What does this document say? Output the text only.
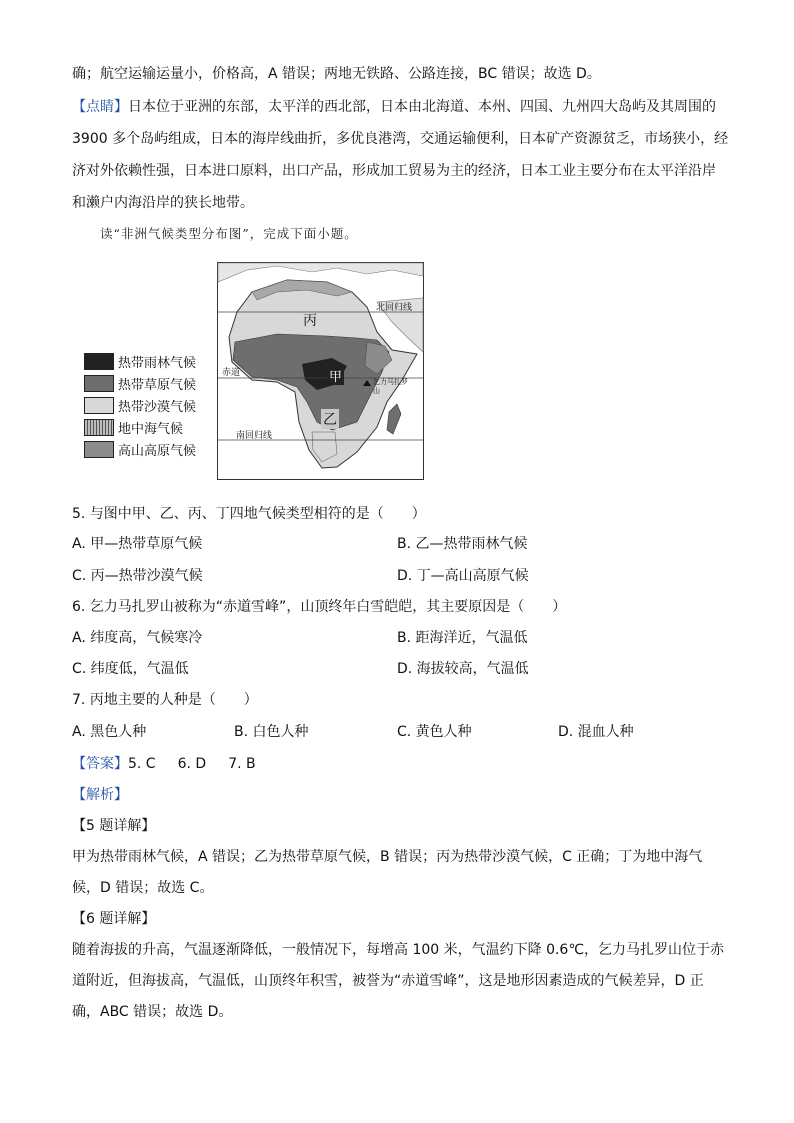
确；航空运输运量小，价格高，A 错误；两地无铁路、公路连接，BC 错误；故选 D。
【点睛】日本位于亚洲的东部，太平洋的西北部，日本由北海道、本州、四国、九州四大岛屿及其周围的
3900 多个岛屿组成，日本的海岸线曲折，多优良港湾，交通运输便利，日本矿产资源贫乏，市场狭小，经
济对外依赖性强，日本进口原料，出口产品，形成加工贸易为主的经济，日本工业主要分布在太平洋沿岸
和濑户内海沿岸的狭长地带。
读“非洲气候类型分布图”，完成下面小题。
热带雨林气候
热带草原气候
热带沙漠气候
地中海气候
高山高原气候
丙
甲
乙
北回归线
赤道
南回归线
乞力马扎罗山
5. 与图中甲、乙、丙、丁四地气候类型相符的是（　　）
A. 甲—热带草原气候	B. 乙—热带雨林气候
C. 丙—热带沙漠气候	D. 丁—高山高原气候
6. 乞力马扎罗山被称为“赤道雪峰”，山顶终年白雪皑皑，其主要原因是（　　）
A. 纬度高，气候寒冷	B. 距海洋近，气温低
C. 纬度低，气温低	D. 海拔较高，气温低
7. 丙地主要的人种是（　　）
A. 黑色人种	B. 白色人种	C. 黄色人种	D. 混血人种
【答案】5. C 6. D 7. B
【解析】
【5 题详解】
甲为热带雨林气候，A 错误；乙为热带草原气候，B 错误；丙为热带沙漠气候，C 正确；丁为地中海气
候，D 错误；故选 C。
【6 题详解】
随着海拔的升高，气温逐渐降低，一般情况下，每增高 100 米，气温约下降 0.6℃，乞力马扎罗山位于赤
道附近，但海拔高，气温低，山顶终年积雪，被誉为“赤道雪峰”，这是地形因素造成的气候差异，D 正
确，ABC 错误；故选 D。
